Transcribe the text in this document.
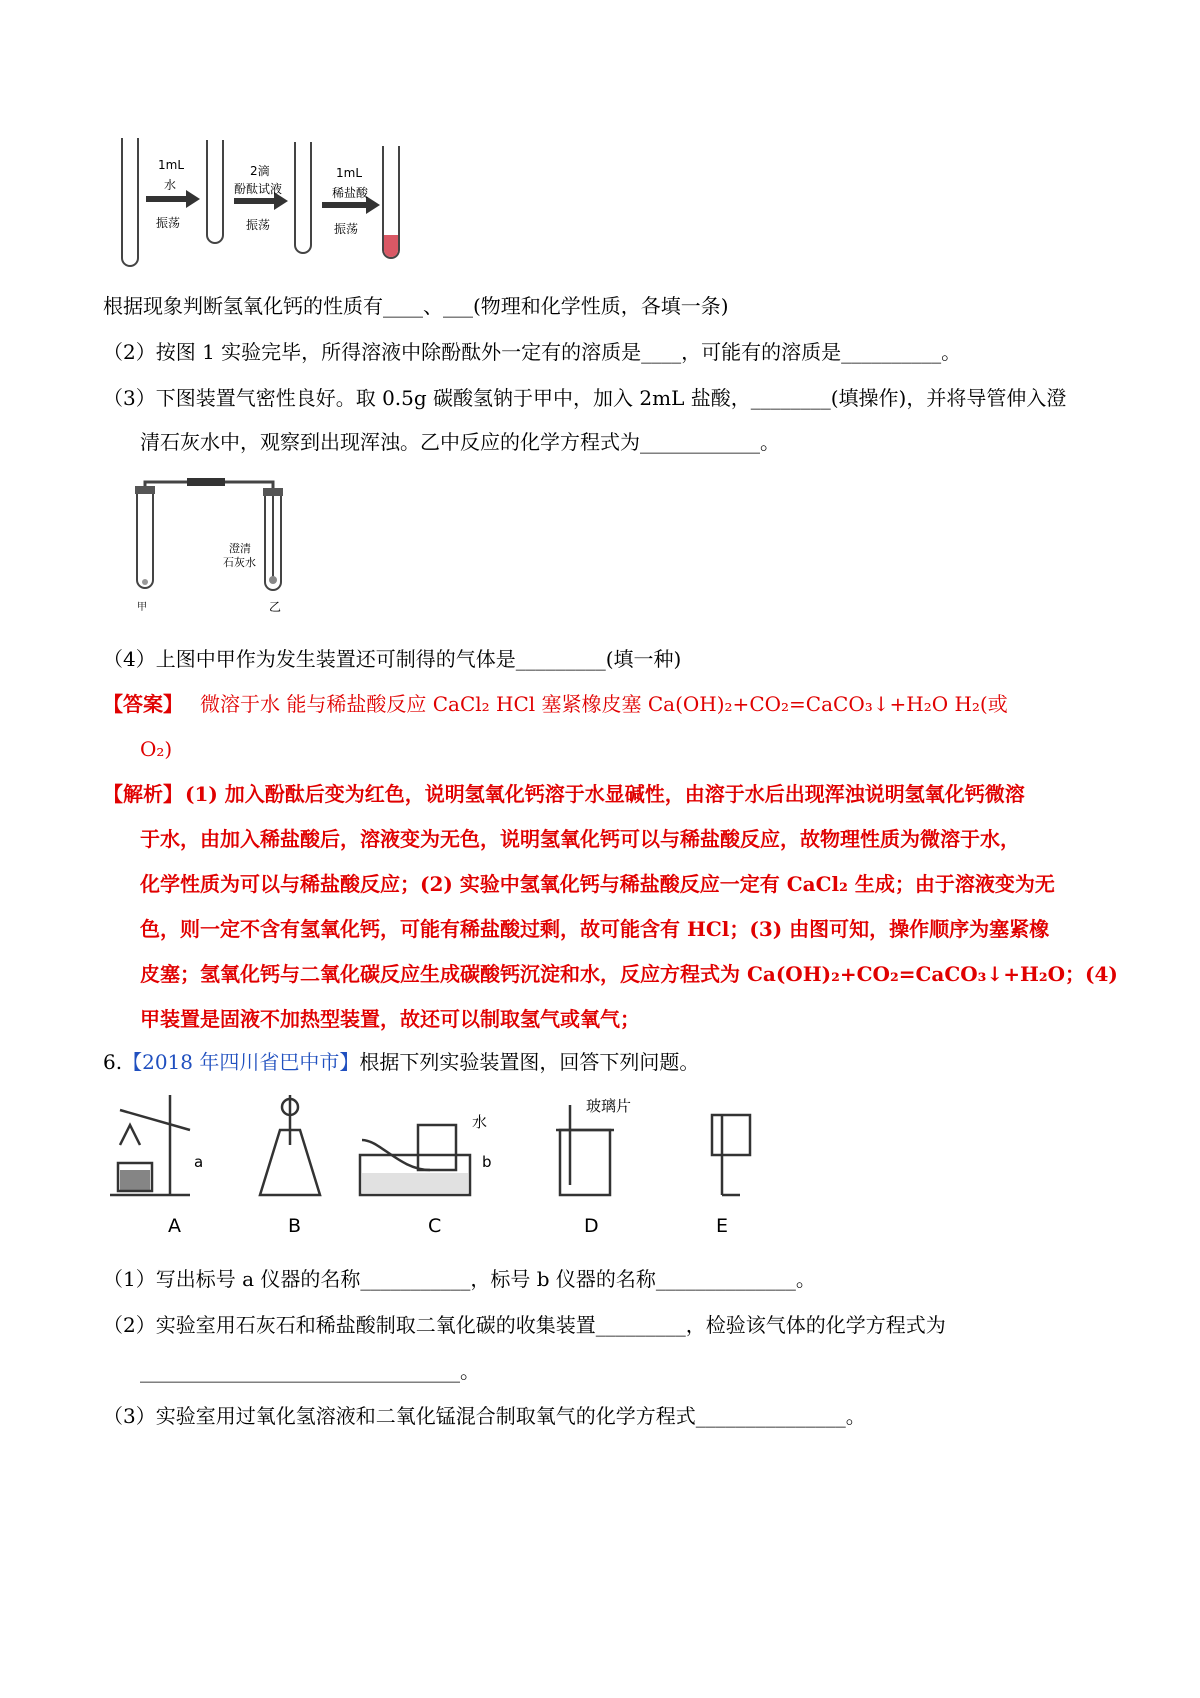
1mL
水
振荡
2滴
酚酞试液
振荡
1mL
稀盐酸
振荡
根据现象判断氢氧化钙的性质有____、___(物理和化学性质，各填一条)
（2）按图 1 实验完毕，所得溶液中除酚酞外一定有的溶质是____，可能有的溶质是__________。
（3）下图装置气密性良好。取 0.5g 碳酸氢钠于甲中，加入 2mL 盐酸，________(填操作)，并将导管伸入澄
清石灰水中，观察到出现浑浊。乙中反应的化学方程式为____________。
甲	乙
澄清
石灰水
（4）上图中甲作为发生装置还可制得的气体是_________(填一种)
【答案】 微溶于水 能与稀盐酸反应 CaCl₂ HCl 塞紧橡皮塞 Ca(OH)₂+CO₂=CaCO₃↓+H₂O H₂(或
O₂)
【解析】 (1) 加入酚酞后变为红色，说明氢氧化钙溶于水显碱性，由溶于水后出现浑浊说明氢氧化钙微溶
于水，由加入稀盐酸后，溶液变为无色，说明氢氧化钙可以与稀盐酸反应，故物理性质为微溶于水，
化学性质为可以与稀盐酸反应；(2) 实验中氢氧化钙与稀盐酸反应一定有 CaCl₂ 生成；由于溶液变为无
色，则一定不含有氢氧化钙，可能有稀盐酸过剩，故可能含有 HCl；(3) 由图可知，操作顺序为塞紧橡
皮塞；氢氧化钙与二氧化碳反应生成碳酸钙沉淀和水，反应方程式为 Ca(OH)₂+CO₂=CaCO₃↓+H₂O；(4)
甲装置是固液不加热型装置，故还可以制取氢气或氧气；
6.【2018 年四川省巴中市】根据下列实验装置图，回答下列问题。
a
水
b
玻璃片
A	B	C	D	E
（1）写出标号 a 仪器的名称___________，标号 b 仪器的名称______________。
（2）实验室用石灰石和稀盐酸制取二氧化碳的收集装置_________，检验该气体的化学方程式为
________________________________。
（3）实验室用过氧化氢溶液和二氧化锰混合制取氧气的化学方程式_______________。
